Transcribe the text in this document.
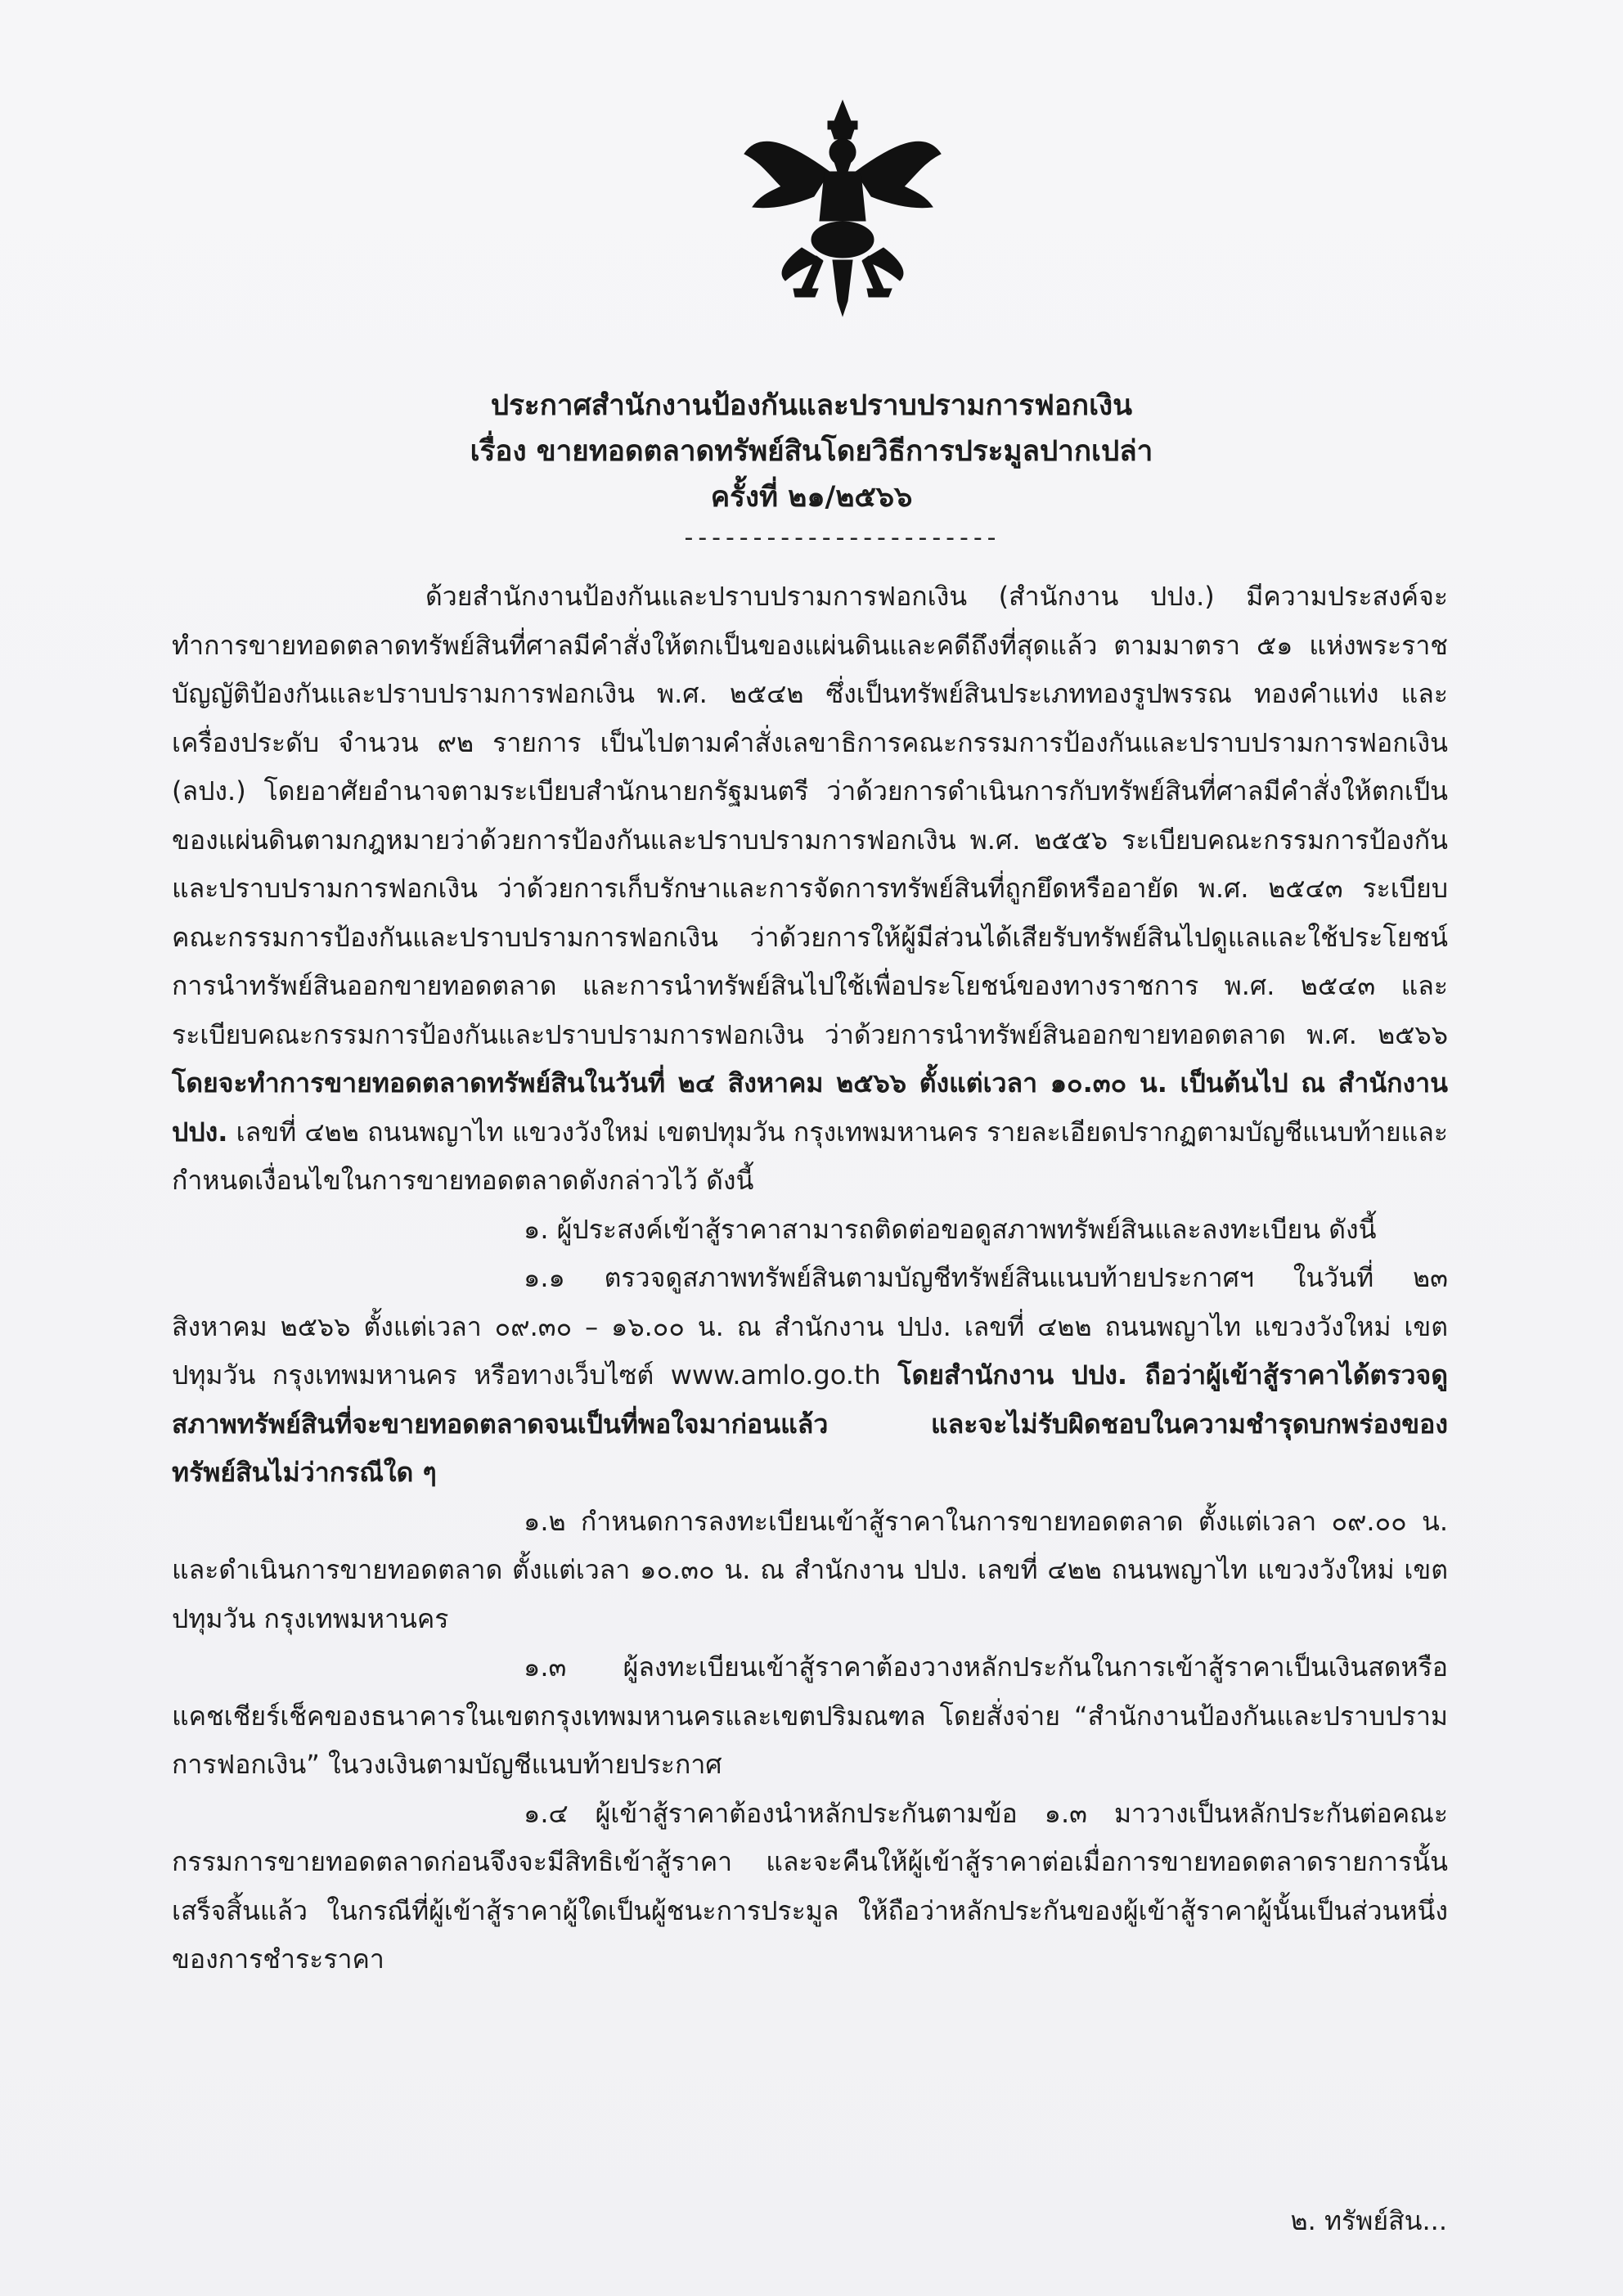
ประกาศสำนักงานป้องกันและปราบปรามการฟอกเงิน
เรื่อง ขายทอดตลาดทรัพย์สินโดยวิธีการประมูลปากเปล่า
ครั้งที่ ๒๑/๒๕๖๖
-----------------------

ด้วยสำนักงานป้องกันและปราบปรามการฟอกเงิน (สำนักงาน ปปง.) มีความประสงค์จะทำการขายทอดตลาดทรัพย์สินที่ศาลมีคำสั่งให้ตกเป็นของแผ่นดินและคดีถึงที่สุดแล้ว ตามมาตรา ๕๑ แห่งพระราชบัญญัติป้องกันและปราบปรามการฟอกเงิน พ.ศ. ๒๕๔๒ ซึ่งเป็นทรัพย์สินประเภททองรูปพรรณ ทองคำแท่ง และเครื่องประดับ จำนวน ๙๒ รายการ เป็นไปตามคำสั่งเลขาธิการคณะกรรมการป้องกันและปราบปรามการฟอกเงิน (ลปง.) โดยอาศัยอำนาจตามระเบียบสำนักนายกรัฐมนตรี ว่าด้วยการดำเนินการกับทรัพย์สินที่ศาลมีคำสั่งให้ตกเป็นของแผ่นดินตามกฎหมายว่าด้วยการป้องกันและปราบปรามการฟอกเงิน พ.ศ. ๒๕๕๖ ระเบียบคณะกรรมการป้องกันและปราบปรามการฟอกเงิน ว่าด้วยการเก็บรักษาและการจัดการทรัพย์สินที่ถูกยึดหรืออายัด พ.ศ. ๒๕๔๓ ระเบียบคณะกรรมการป้องกันและปราบปรามการฟอกเงิน ว่าด้วยการให้ผู้มีส่วนได้เสียรับทรัพย์สินไปดูแลและใช้ประโยชน์ การนำทรัพย์สินออกขายทอดตลาด และการนำทรัพย์สินไปใช้เพื่อประโยชน์ของทางราชการ พ.ศ. ๒๕๔๓ และระเบียบคณะกรรมการป้องกันและปราบปรามการฟอกเงิน ว่าด้วยการนำทรัพย์สินออกขายทอดตลาด พ.ศ. ๒๕๖๖ โดยจะทำการขายทอดตลาดทรัพย์สินในวันที่ ๒๔ สิงหาคม ๒๕๖๖ ตั้งแต่เวลา ๑๐.๓๐ น. เป็นต้นไป ณ สำนักงาน ปปง. เลขที่ ๔๒๒ ถนนพญาไท แขวงวังใหม่ เขตปทุมวัน กรุงเทพมหานคร รายละเอียดปรากฏตามบัญชีแนบท้ายและกำหนดเงื่อนไขในการขายทอดตลาดดังกล่าวไว้ ดังนี้

๑. ผู้ประสงค์เข้าสู้ราคาสามารถติดต่อขอดูสภาพทรัพย์สินและลงทะเบียน ดังนี้

๑.๑ ตรวจดูสภาพทรัพย์สินตามบัญชีทรัพย์สินแนบท้ายประกาศฯ ในวันที่ ๒๓ สิงหาคม ๒๕๖๖ ตั้งแต่เวลา ๐๙.๓๐ – ๑๖.๐๐ น. ณ สำนักงาน ปปง. เลขที่ ๔๒๒ ถนนพญาไท แขวงวังใหม่ เขตปทุมวัน กรุงเทพมหานคร หรือทางเว็บไซต์ www.amlo.go.th โดยสำนักงาน ปปง. ถือว่าผู้เข้าสู้ราคาได้ตรวจดูสภาพทรัพย์สินที่จะขายทอดตลาดจนเป็นที่พอใจมาก่อนแล้ว และจะไม่รับผิดชอบในความชำรุดบกพร่องของทรัพย์สินไม่ว่ากรณีใด ๆ

๑.๒ กำหนดการลงทะเบียนเข้าสู้ราคาในการขายทอดตลาด ตั้งแต่เวลา ๐๙.๐๐ น. และดำเนินการขายทอดตลาด ตั้งแต่เวลา ๑๐.๓๐ น. ณ สำนักงาน ปปง. เลขที่ ๔๒๒ ถนนพญาไท แขวงวังใหม่ เขตปทุมวัน กรุงเทพมหานคร

๑.๓ ผู้ลงทะเบียนเข้าสู้ราคาต้องวางหลักประกันในการเข้าสู้ราคาเป็นเงินสดหรือแคชเชียร์เช็คของธนาคารในเขตกรุงเทพมหานครและเขตปริมณฑล โดยสั่งจ่าย “สำนักงานป้องกันและปราบปรามการฟอกเงิน” ในวงเงินตามบัญชีแนบท้ายประกาศ

๑.๔ ผู้เข้าสู้ราคาต้องนำหลักประกันตามข้อ ๑.๓ มาวางเป็นหลักประกันต่อคณะกรรมการขายทอดตลาดก่อนจึงจะมีสิทธิเข้าสู้ราคา และจะคืนให้ผู้เข้าสู้ราคาต่อเมื่อการขายทอดตลาดรายการนั้นเสร็จสิ้นแล้ว ในกรณีที่ผู้เข้าสู้ราคาผู้ใดเป็นผู้ชนะการประมูล ให้ถือว่าหลักประกันของผู้เข้าสู้ราคาผู้นั้นเป็นส่วนหนึ่งของการชำระราคา

๒. ทรัพย์สิน...
